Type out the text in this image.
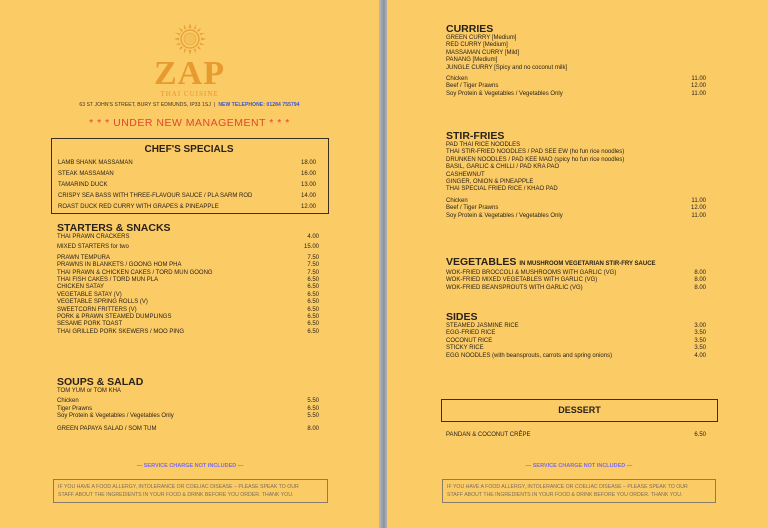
ZAP
THAI CUISINE
63 ST JOHN'S STREET, BURY ST EDMUNDS, IP33 1SJ | NEW TELEPHONE: 01284 755794
* * * UNDER NEW MANAGEMENT * * *
CHEF'S SPECIALS
LAMB SHANK MASSAMAN	18.00
STEAK MASSAMAN	16.00
TAMARIND DUCK	13.00
CRISPY SEA BASS WITH THREE-FLAVOUR SAUCE / PLA SARM ROD	14.00
ROAST DUCK RED CURRY WITH GRAPES & PINEAPPLE	12.00
STARTERS & SNACKS
THAI PRAWN CRACKERS	4.00
MIXED STARTERS for two	15.00
PRAWN TEMPURA	7.50
PRAWNS IN BLANKETS / GOONG HOM PHA	7.50
THAI PRAWN & CHICKEN CAKES / TORD MUN GOONG	7.50
THAI FISH CAKES / TORD MUN PLA	6.50
CHICKEN SATAY	6.50
VEGETABLE SATAY (V)	6.50
VEGETABLE SPRING ROLLS (V)	6.50
SWEETCORN FRITTERS (V)	6.50
PORK & PRAWN STEAMED DUMPLINGS	6.50
SESAME PORK TOAST	6.50
THAI GRILLED PORK SKEWERS / MOO PING	6.50
SOUPS & SALAD
TOM YUM or TOM KHA
Chicken	5.50
Tiger Prawns	6.50
Soy Protein & Vegetables / Vegetables Only	5.50
GREEN PAPAYA SALAD / SOM TUM	8.00
— SERVICE CHARGE NOT INCLUDED —
IF YOU HAVE A FOOD ALLERGY, INTOLERANCE OR COELIAC DISEASE – PLEASE SPEAK TO OUR
STAFF ABOUT THE INGREDIENTS IN YOUR FOOD & DRINK BEFORE YOU ORDER. THANK YOU.
CURRIES
GREEN CURRY [Medium]
RED CURRY [Medium]
MASSAMAN CURRY [Mild]
PANANG [Medium]
JUNGLE CURRY [Spicy and no coconut milk]
Chicken	11.00
Beef / Tiger Prawns	12.00
Soy Protein & Vegetables / Vegetables Only	11.00
STIR-FRIES
PAD THAI RICE NOODLES
THAI STIR-FRIED NOODLES / PAD SEE EW (ho fun rice noodles)
DRUNKEN NOODLES / PAD KEE MAO (spicy ho fun rice noodles)
BASIL, GARLIC & CHILLI / PAD KRA PAO
CASHEWNUT
GINGER, ONION & PINEAPPLE
THAI SPECIAL FRIED RICE / KHAO PAD
Chicken	11.00
Beef / Tiger Prawns	12.00
Soy Protein & Vegetables / Vegetables Only	11.00
VEGETABLES IN MUSHROOM VEGETARIAN STIR-FRY SAUCE
WOK-FRIED BROCCOLI & MUSHROOMS WITH GARLIC (VG)	8.00
WOK-FRIED MIXED VEGETABLES WITH GARLIC (VG)	8.00
WOK-FRIED BEANSPROUTS WITH GARLIC (VG)	8.00
SIDES
STEAMED JASMINE RICE	3.00
EGG-FRIED RICE	3.50
COCONUT RICE	3.50
STICKY RICE	3.50
EGG NOODLES (with beansprouts, carrots and spring onions)	4.00
DESSERT
PANDAN & COCONUT CRÊPE	6.50
— SERVICE CHARGE NOT INCLUDED —
IF YOU HAVE A FOOD ALLERGY, INTOLERANCE OR COELIAC DISEASE – PLEASE SPEAK TO OUR
STAFF ABOUT THE INGREDIENTS IN YOUR FOOD & DRINK BEFORE YOU ORDER. THANK YOU.
